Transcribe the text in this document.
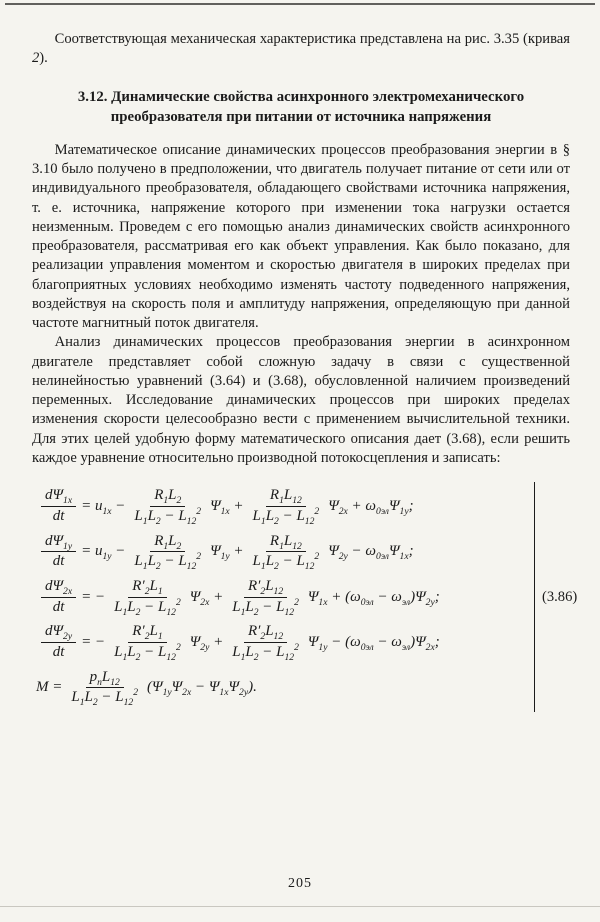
Соответствующая механическая характеристика представлена на рис. 3.35 (кривая 2).

3.12. Динамические свойства асинхронного электромеханического преобразователя при питании от источника напряжения

Математическое описание динамических процессов преобразования энергии в § 3.10 было получено в предположении, что двигатель получает питание от сети или от индивидуального преобразователя, обладающего свойствами источника напряжения, т. е. источника, напряжение которого при изменении тока нагрузки остается неизменным. Проведем с его помощью анализ динамических свойств асинхронного преобразователя, рассматривая его как объект управления. Как было показано, для реализации управления моментом и скоростью двигателя в широких пределах при благоприятных условиях необходимо изменять частоту подведенного напряжения, воздействуя на скорость поля и амплитуду напряжения, определяющую при данной частоте магнитный поток двигателя.

Анализ динамических процессов преобразования энергии в асинхронном двигателе представляет собой сложную задачу в связи с существенной нелинейностью уравнений (3.64) и (3.68), обусловленной наличием произведений переменных. Исследование динамических процессов при широких пределах изменения скорости целесообразно вести с применением вычислительной техники. Для этих целей удобную форму математического описания дает (3.68), если решить каждое уравнение относительно производной потокосцепления и записать:

$\frac{d\Psi_{1x}}{dt} = u_{1x} - \frac{R_1L_2}{L_1L_2 - L_{12}^2} \Psi_{1x} + \frac{R_1L_{12}}{L_1L_2 - L_{12}^2} \Psi_{2x} + \omega_{0эл}\Psi_{1y}$;
$\frac{d\Psi_{1y}}{dt} = u_{1y} - \frac{R_1L_2}{L_1L_2 - L_{12}^2} \Psi_{1y} + \frac{R_1L_{12}}{L_1L_2 - L_{12}^2} \Psi_{2y} - \omega_{0эл}\Psi_{1x}$;
$\frac{d\Psi_{2x}}{dt}$ = − $\frac{R'_2L_1}{L_1L_2 - L_{12}^2} \Psi_{2x} + \frac{R'_2L_{12}}{L_1L_2 - L_{12}^2} \Psi_{1x} + (\omega_{0эл} - \omega_{эл})\Psi_{2y}$;
$\frac{d\Psi_{2y}}{dt}$ = − $\frac{R'_2L_1}{L_1L_2 - L_{12}^2} \Psi_{2y} + \frac{R'_2L_{12}}{L_1L_2 - L_{12}^2} \Psi_{1y} - (\omega_{0эл} - \omega_{эл})\Psi_{2x}$;
$M = \frac{p_пL_{12}}{L_1L_2 - L_{12}^2} (\Psi_{1y}\Psi_{2x} - \Psi_{1x}\Psi_{2y})$.
(3.86)
205
